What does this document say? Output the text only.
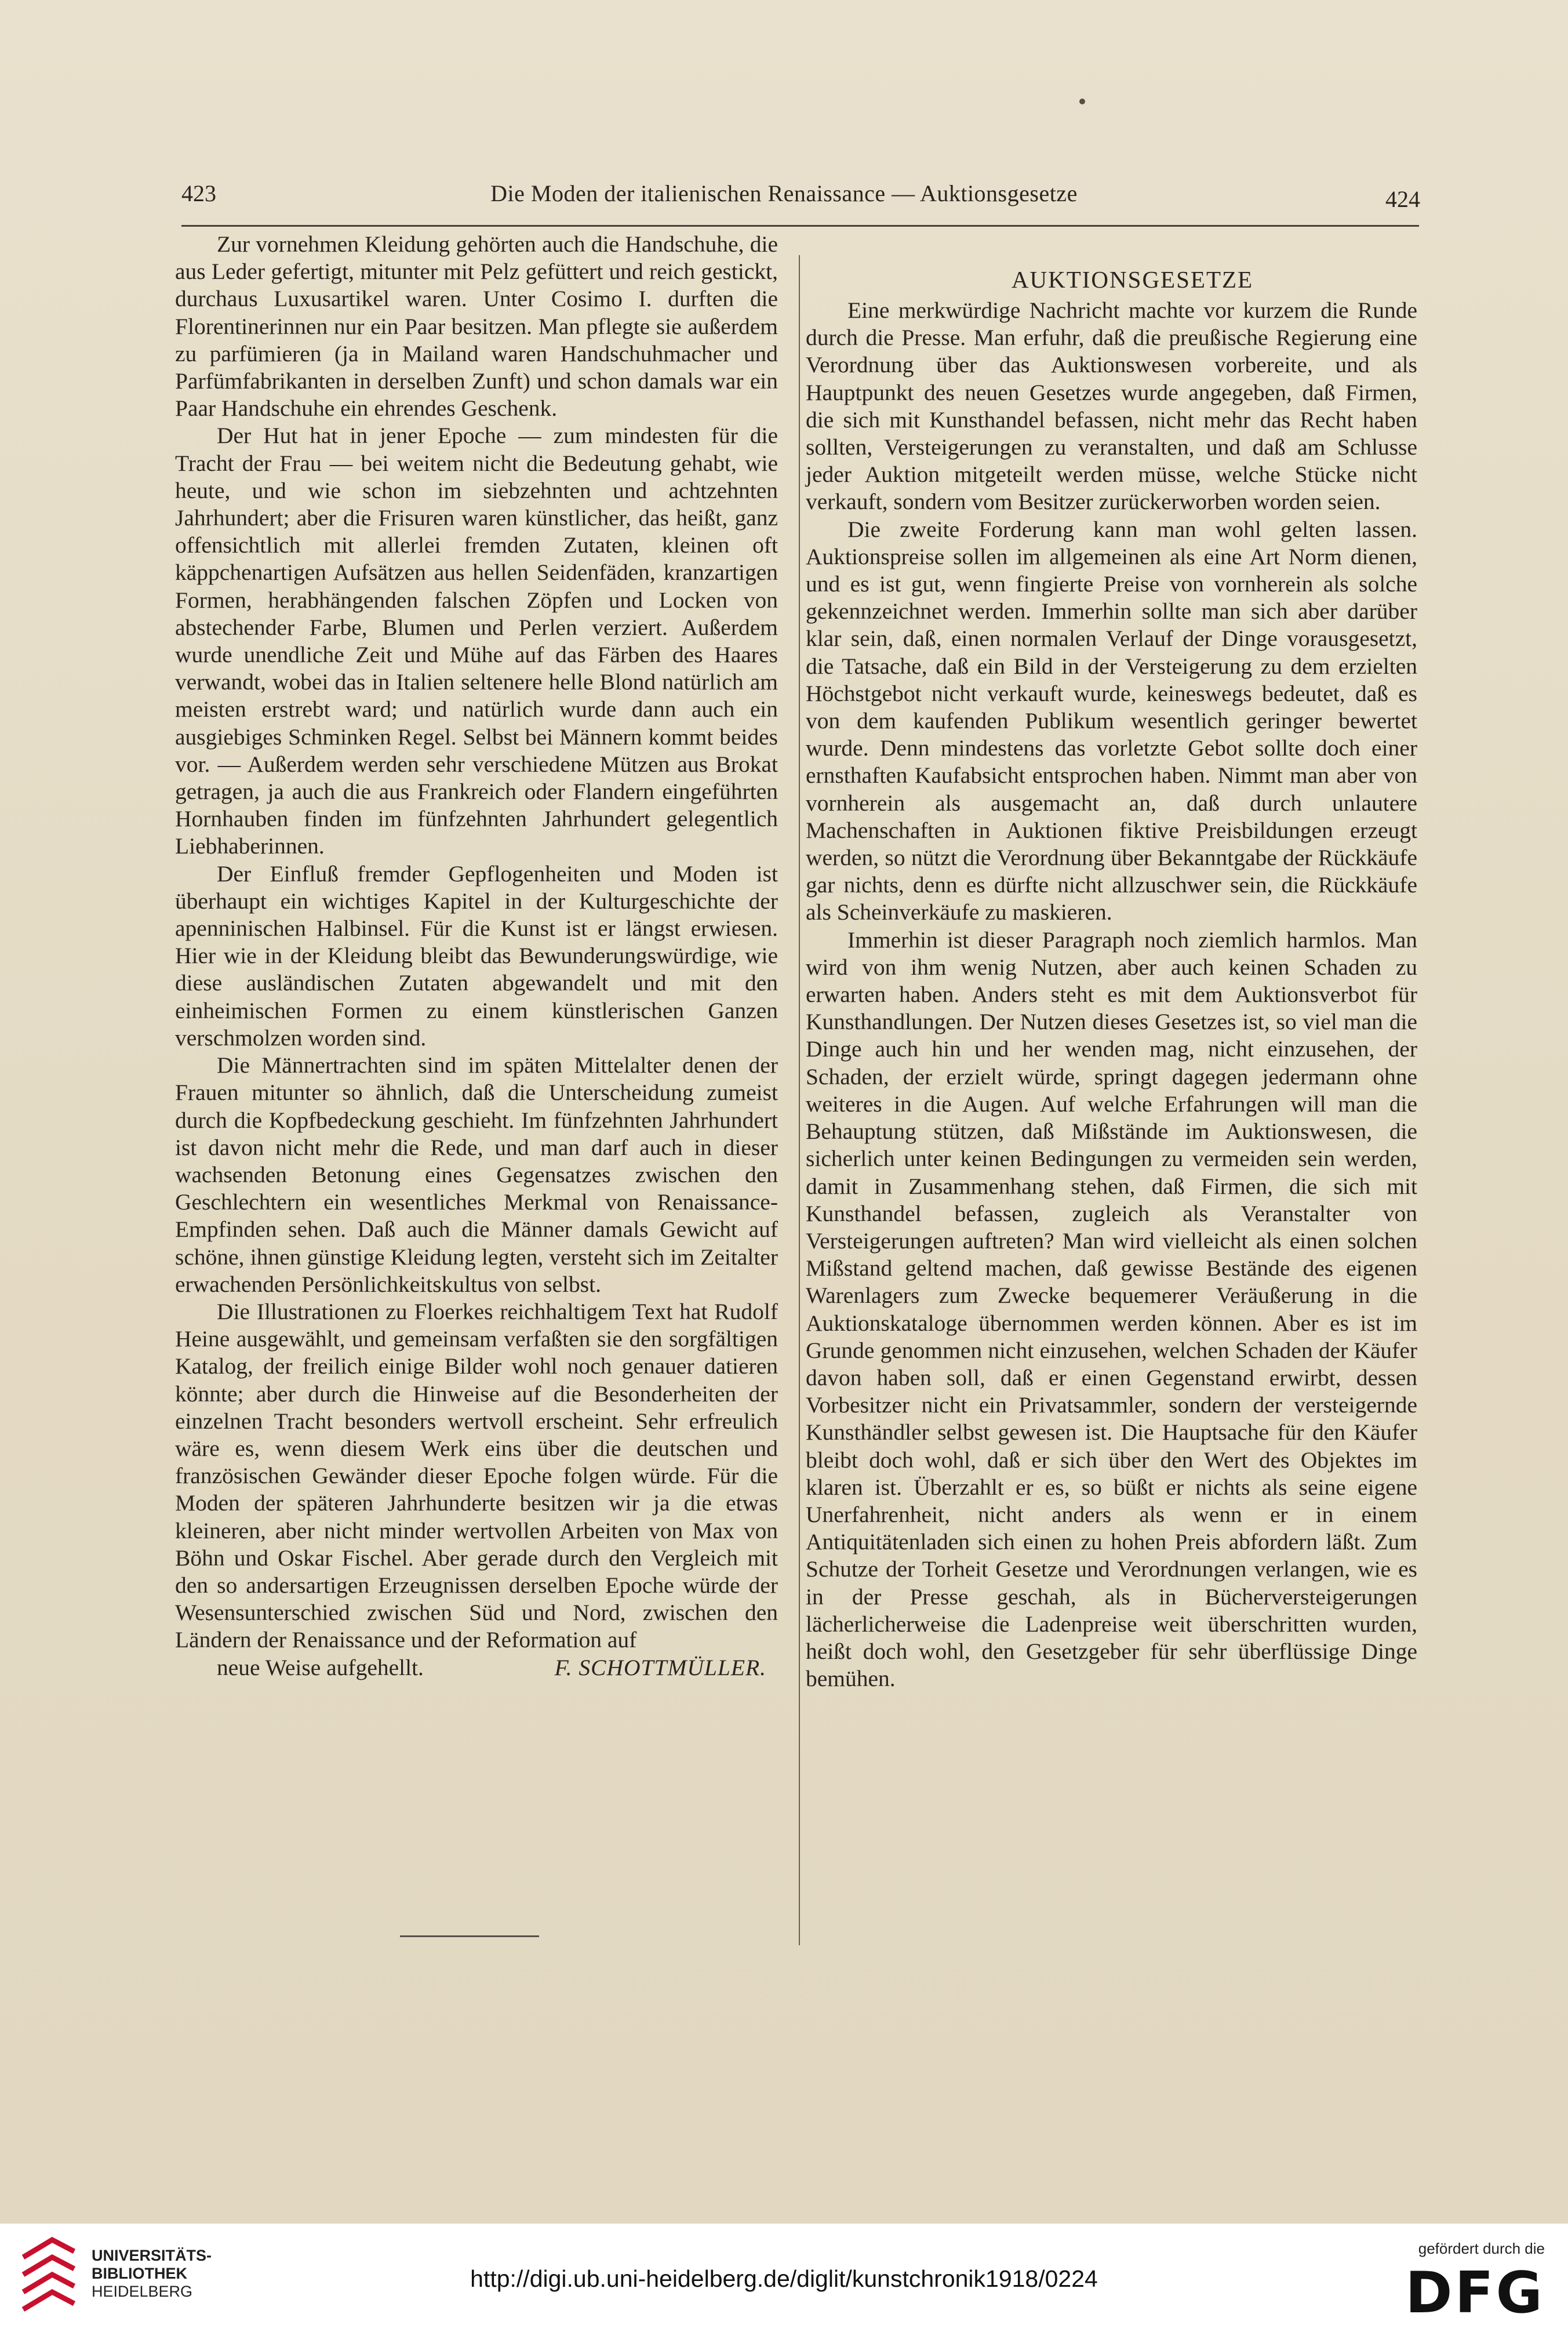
423	Die Moden der italienischen Renaissance — Auktionsgesetze	424

Zur vornehmen Kleidung gehörten auch die Handschuhe, die aus Leder gefertigt, mitunter mit Pelz gefüttert und reich gestickt, durchaus Luxusartikel waren. Unter Cosimo I. durften die Florentinerinnen nur ein Paar besitzen. Man pflegte sie außerdem zu parfümieren (ja in Mailand waren Handschuhmacher und Parfümfabrikanten in derselben Zunft) und schon damals war ein Paar Handschuhe ein ehrendes Geschenk.

Der Hut hat in jener Epoche — zum mindesten für die Tracht der Frau — bei weitem nicht die Bedeutung gehabt, wie heute, und wie schon im siebzehnten und achtzehnten Jahrhundert; aber die Frisuren waren künstlicher, das heißt, ganz offensichtlich mit allerlei fremden Zutaten, kleinen oft käppchenartigen Aufsätzen aus hellen Seidenfäden, kranzartigen Formen, herabhängenden falschen Zöpfen und Locken von abstechender Farbe, Blumen und Perlen verziert. Außerdem wurde unendliche Zeit und Mühe auf das Färben des Haares verwandt, wobei das in Italien seltenere helle Blond natürlich am meisten erstrebt ward; und natürlich wurde dann auch ein ausgiebiges Schminken Regel. Selbst bei Männern kommt beides vor. — Außerdem werden sehr verschiedene Mützen aus Brokat getragen, ja auch die aus Frankreich oder Flandern eingeführten Hornhauben finden im fünfzehnten Jahrhundert gelegentlich Liebhaberinnen.

Der Einfluß fremder Gepflogenheiten und Moden ist überhaupt ein wichtiges Kapitel in der Kulturgeschichte der apenninischen Halbinsel. Für die Kunst ist er längst erwiesen. Hier wie in der Kleidung bleibt das Bewunderungswürdige, wie diese ausländischen Zutaten abgewandelt und mit den einheimischen Formen zu einem künstlerischen Ganzen verschmolzen worden sind.

Die Männertrachten sind im späten Mittelalter denen der Frauen mitunter so ähnlich, daß die Unterscheidung zumeist durch die Kopfbedeckung geschieht. Im fünfzehnten Jahrhundert ist davon nicht mehr die Rede, und man darf auch in dieser wachsenden Betonung eines Gegensatzes zwischen den Geschlechtern ein wesentliches Merkmal von Renaissance-Empfinden sehen. Daß auch die Männer damals Gewicht auf schöne, ihnen günstige Kleidung legten, versteht sich im Zeitalter erwachenden Persönlichkeitskultus von selbst.

Die Illustrationen zu Floerkes reichhaltigem Text hat Rudolf Heine ausgewählt, und gemeinsam verfaßten sie den sorgfältigen Katalog, der freilich einige Bilder wohl noch genauer datieren könnte; aber durch die Hinweise auf die Besonderheiten der einzelnen Tracht besonders wertvoll erscheint. Sehr erfreulich wäre es, wenn diesem Werk eins über die deutschen und französischen Gewänder dieser Epoche folgen würde. Für die Moden der späteren Jahrhunderte besitzen wir ja die etwas kleineren, aber nicht minder wertvollen Arbeiten von Max von Böhn und Oskar Fischel. Aber gerade durch den Vergleich mit den so andersartigen Erzeugnissen derselben Epoche würde der Wesensunterschied zwischen Süd und Nord, zwischen den Ländern der Renaissance und der Reformation auf

neue Weise aufgehellt.	F. SCHOTTMÜLLER.

AUKTIONSGESETZE

Eine merkwürdige Nachricht machte vor kurzem die Runde durch die Presse. Man erfuhr, daß die preußische Regierung eine Verordnung über das Auktionswesen vorbereite, und als Hauptpunkt des neuen Gesetzes wurde angegeben, daß Firmen, die sich mit Kunsthandel befassen, nicht mehr das Recht haben sollten, Versteigerungen zu veranstalten, und daß am Schlusse jeder Auktion mitgeteilt werden müsse, welche Stücke nicht verkauft, sondern vom Besitzer zurückerworben worden seien.

Die zweite Forderung kann man wohl gelten lassen. Auktionspreise sollen im allgemeinen als eine Art Norm dienen, und es ist gut, wenn fingierte Preise von vornherein als solche gekennzeichnet werden. Immerhin sollte man sich aber darüber klar sein, daß, einen normalen Verlauf der Dinge vorausgesetzt, die Tatsache, daß ein Bild in der Versteigerung zu dem erzielten Höchstgebot nicht verkauft wurde, keineswegs bedeutet, daß es von dem kaufenden Publikum wesentlich geringer bewertet wurde. Denn mindestens das vorletzte Gebot sollte doch einer ernsthaften Kaufabsicht entsprochen haben. Nimmt man aber von vornherein als ausgemacht an, daß durch unlautere Machenschaften in Auktionen fiktive Preisbildungen erzeugt werden, so nützt die Verordnung über Bekanntgabe der Rückkäufe gar nichts, denn es dürfte nicht allzuschwer sein, die Rückkäufe als Scheinverkäufe zu maskieren.

Immerhin ist dieser Paragraph noch ziemlich harmlos. Man wird von ihm wenig Nutzen, aber auch keinen Schaden zu erwarten haben. Anders steht es mit dem Auktionsverbot für Kunsthandlungen. Der Nutzen dieses Gesetzes ist, so viel man die Dinge auch hin und her wenden mag, nicht einzusehen, der Schaden, der erzielt würde, springt dagegen jedermann ohne weiteres in die Augen. Auf welche Erfahrungen will man die Behauptung stützen, daß Mißstände im Auktionswesen, die sicherlich unter keinen Bedingungen zu vermeiden sein werden, damit in Zusammenhang stehen, daß Firmen, die sich mit Kunsthandel befassen, zugleich als Veranstalter von Versteigerungen auftreten? Man wird vielleicht als einen solchen Mißstand geltend machen, daß gewisse Bestände des eigenen Warenlagers zum Zwecke bequemerer Veräußerung in die Auktionskataloge übernommen werden können. Aber es ist im Grunde genommen nicht einzusehen, welchen Schaden der Käufer davon haben soll, daß er einen Gegenstand erwirbt, dessen Vorbesitzer nicht ein Privatsammler, sondern der versteigernde Kunsthändler selbst gewesen ist. Die Hauptsache für den Käufer bleibt doch wohl, daß er sich über den Wert des Objektes im klaren ist. Überzahlt er es, so büßt er nichts als seine eigene Unerfahrenheit, nicht anders als wenn er in einem Antiquitätenladen sich einen zu hohen Preis abfordern läßt. Zum Schutze der Torheit Gesetze und Verordnungen verlangen, wie es in der Presse geschah, als in Bücherversteigerungen lächerlicherweise die Ladenpreise weit überschritten wurden, heißt doch wohl, den Gesetzgeber für sehr überflüssige Dinge bemühen.

UNIVERSITÄTS-
BIBLIOTHEK
HEIDELBERG	http://digi.ub.uni-heidelberg.de/diglit/kunstchronik1918/0224
gefördert durch die
DFG
